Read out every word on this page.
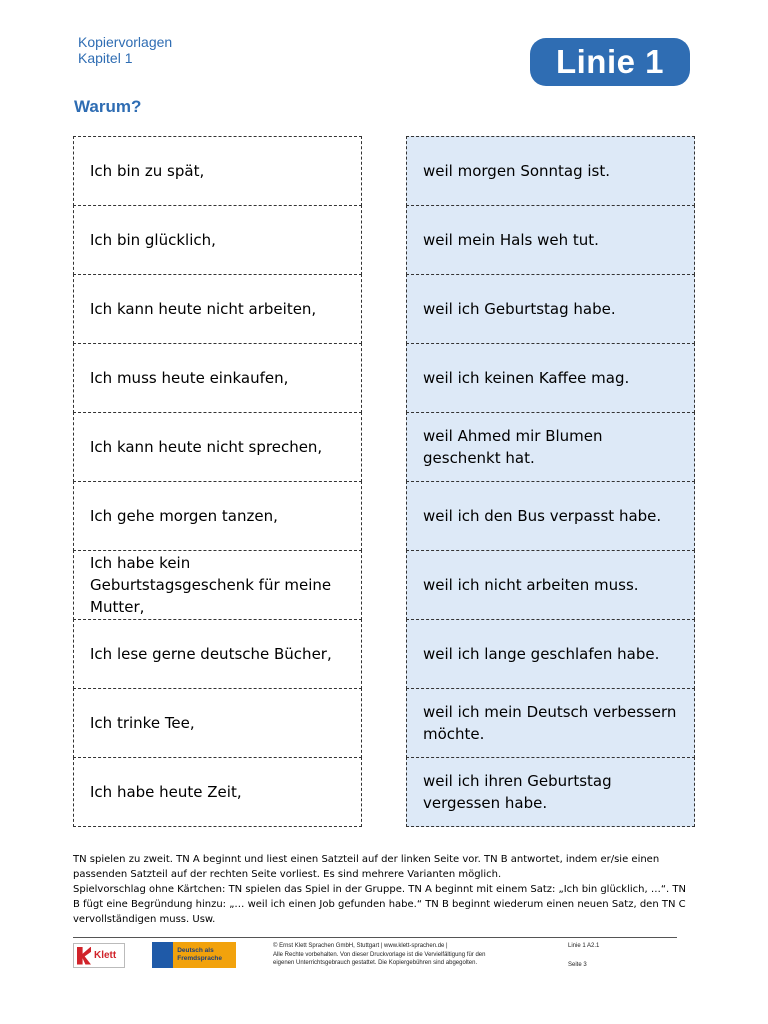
Kopiervorlagen
Kapitel 1	Linie 1
Warum?
Ich bin zu spät,
Ich bin glücklich,
Ich kann heute nicht arbeiten,
Ich muss heute einkaufen,
Ich kann heute nicht sprechen,
Ich gehe morgen tanzen,
Ich habe kein Geburtstagsgeschenk für meine Mutter,
Ich lese gerne deutsche Bücher,
Ich trinke Tee,
Ich habe heute Zeit,
weil morgen Sonntag ist.
weil mein Hals weh tut.
weil ich Geburtstag habe.
weil ich keinen Kaffee mag.
weil Ahmed mir Blumen geschenkt hat.
weil ich den Bus verpasst habe.
weil ich nicht arbeiten muss.
weil ich lange geschlafen habe.
weil ich mein Deutsch verbessern möchte.
weil ich ihren Geburtstag vergessen habe.
TN spielen zu zweit. TN A beginnt und liest einen Satzteil auf der linken Seite vor. TN B antwortet, indem er/sie einen passenden Satzteil auf der rechten Seite vorliest. Es sind mehrere Varianten möglich.
Spielvorschlag ohne Kärtchen: TN spielen das Spiel in der Gruppe. TN A beginnt mit einem Satz: „Ich bin glücklich, …“. TN B fügt eine Begründung hinzu: „… weil ich einen Job gefunden habe.“ TN B beginnt wiederum einen neuen Satz, den TN C vervollständigen muss. Usw.
Klett	Deutsch als Fremdsprache
© Ernst Klett Sprachen GmbH, Stuttgart | www.klett-sprachen.de |
Alle Rechte vorbehalten. Von dieser Druckvorlage ist die Vervielfältigung für den
eigenen Unterrichtsgebrauch gestattet. Die Kopiergebühren sind abgegolten.
Linie 1 A2.1
Seite 3
